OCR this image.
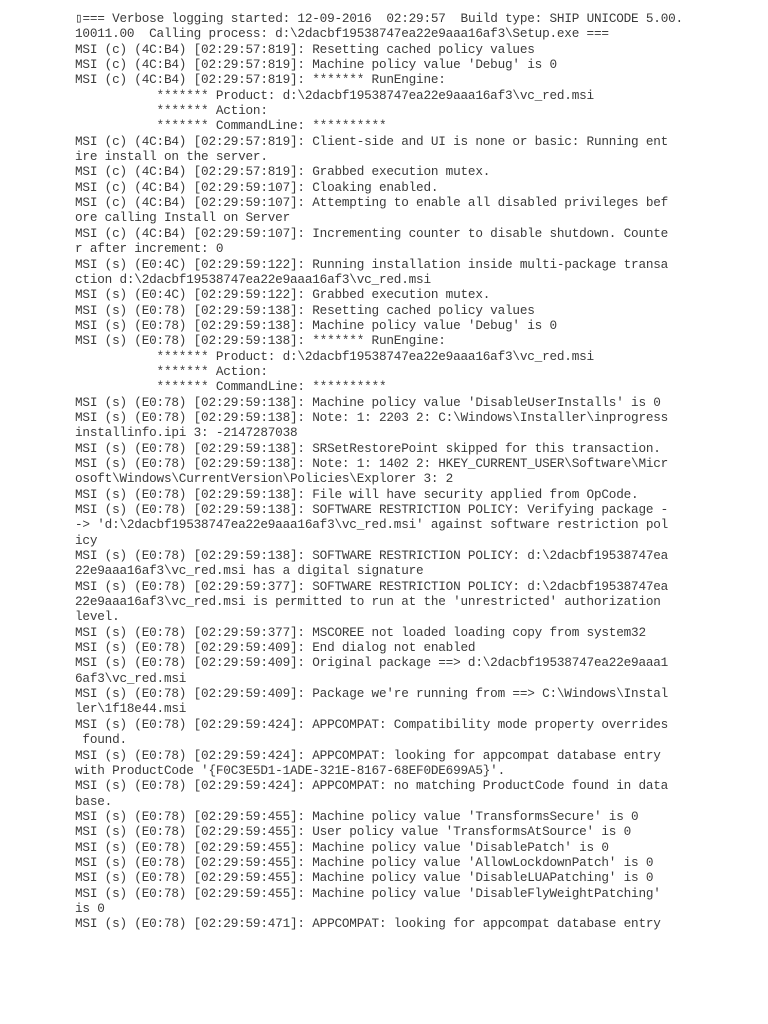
▯=== Verbose logging started: 12-09-2016  02:29:57  Build type: SHIP UNICODE 5.00.
10011.00  Calling process: d:\2dacbf19538747ea22e9aaa16af3\Setup.exe ===
MSI (c) (4C:B4) [02:29:57:819]: Resetting cached policy values
MSI (c) (4C:B4) [02:29:57:819]: Machine policy value 'Debug' is 0
MSI (c) (4C:B4) [02:29:57:819]: ******* RunEngine:
******* Product: d:\2dacbf19538747ea22e9aaa16af3\vc_red.msi
******* Action:
******* CommandLine: **********
MSI (c) (4C:B4) [02:29:57:819]: Client-side and UI is none or basic: Running ent
ire install on the server.
MSI (c) (4C:B4) [02:29:57:819]: Grabbed execution mutex.
MSI (c) (4C:B4) [02:29:59:107]: Cloaking enabled.
MSI (c) (4C:B4) [02:29:59:107]: Attempting to enable all disabled privileges bef
ore calling Install on Server
MSI (c) (4C:B4) [02:29:59:107]: Incrementing counter to disable shutdown. Counte
r after increment: 0
MSI (s) (E0:4C) [02:29:59:122]: Running installation inside multi-package transa
ction d:\2dacbf19538747ea22e9aaa16af3\vc_red.msi
MSI (s) (E0:4C) [02:29:59:122]: Grabbed execution mutex.
MSI (s) (E0:78) [02:29:59:138]: Resetting cached policy values
MSI (s) (E0:78) [02:29:59:138]: Machine policy value 'Debug' is 0
MSI (s) (E0:78) [02:29:59:138]: ******* RunEngine:
******* Product: d:\2dacbf19538747ea22e9aaa16af3\vc_red.msi
******* Action:
******* CommandLine: **********
MSI (s) (E0:78) [02:29:59:138]: Machine policy value 'DisableUserInstalls' is 0
MSI (s) (E0:78) [02:29:59:138]: Note: 1: 2203 2: C:\Windows\Installer\inprogress
installinfo.ipi 3: -2147287038
MSI (s) (E0:78) [02:29:59:138]: SRSetRestorePoint skipped for this transaction.
MSI (s) (E0:78) [02:29:59:138]: Note: 1: 1402 2: HKEY_CURRENT_USER\Software\Micr
osoft\Windows\CurrentVersion\Policies\Explorer 3: 2
MSI (s) (E0:78) [02:29:59:138]: File will have security applied from OpCode.
MSI (s) (E0:78) [02:29:59:138]: SOFTWARE RESTRICTION POLICY: Verifying package -
-> 'd:\2dacbf19538747ea22e9aaa16af3\vc_red.msi' against software restriction pol
icy
MSI (s) (E0:78) [02:29:59:138]: SOFTWARE RESTRICTION POLICY: d:\2dacbf19538747ea
22e9aaa16af3\vc_red.msi has a digital signature
MSI (s) (E0:78) [02:29:59:377]: SOFTWARE RESTRICTION POLICY: d:\2dacbf19538747ea
22e9aaa16af3\vc_red.msi is permitted to run at the 'unrestricted' authorization
level.
MSI (s) (E0:78) [02:29:59:377]: MSCOREE not loaded loading copy from system32
MSI (s) (E0:78) [02:29:59:409]: End dialog not enabled
MSI (s) (E0:78) [02:29:59:409]: Original package ==> d:\2dacbf19538747ea22e9aaa1
6af3\vc_red.msi
MSI (s) (E0:78) [02:29:59:409]: Package we're running from ==> C:\Windows\Instal
ler\1f18e44.msi
MSI (s) (E0:78) [02:29:59:424]: APPCOMPAT: Compatibility mode property overrides
found.
MSI (s) (E0:78) [02:29:59:424]: APPCOMPAT: looking for appcompat database entry
with ProductCode '{F0C3E5D1-1ADE-321E-8167-68EF0DE699A5}'.
MSI (s) (E0:78) [02:29:59:424]: APPCOMPAT: no matching ProductCode found in data
base.
MSI (s) (E0:78) [02:29:59:455]: Machine policy value 'TransformsSecure' is 0
MSI (s) (E0:78) [02:29:59:455]: User policy value 'TransformsAtSource' is 0
MSI (s) (E0:78) [02:29:59:455]: Machine policy value 'DisablePatch' is 0
MSI (s) (E0:78) [02:29:59:455]: Machine policy value 'AllowLockdownPatch' is 0
MSI (s) (E0:78) [02:29:59:455]: Machine policy value 'DisableLUAPatching' is 0
MSI (s) (E0:78) [02:29:59:455]: Machine policy value 'DisableFlyWeightPatching'
is 0
MSI (s) (E0:78) [02:29:59:471]: APPCOMPAT: looking for appcompat database entry
